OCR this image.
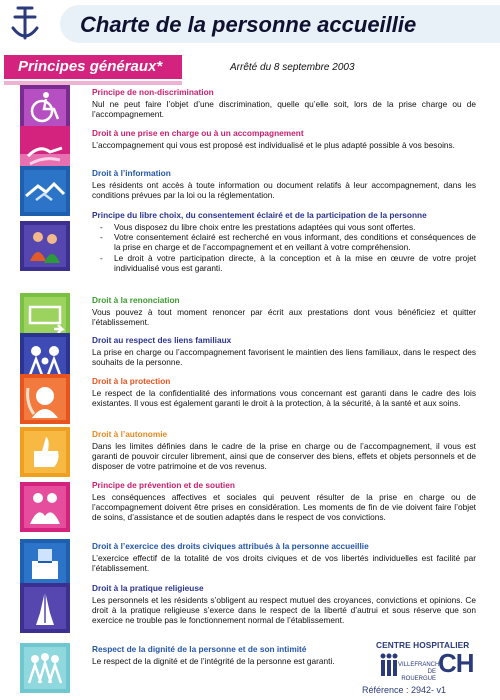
Charte de la personne accueillie
Principes généraux*	Arrêté du 8 septembre 2003
Principe de non-discrimination

Nul ne peut faire l’objet d’une discrimination, quelle qu’elle soit, lors de la prise charge ou de l’accompagnement.

Droit à une prise en charge ou à un accompagnement

L’accompagnement qui vous est proposé est individualisé et le plus adapté possible à vos besoins.

Droit à l’information

Les résidents ont accès à toute information ou document relatifs à leur accompagnement, dans les conditions prévues par la loi ou la réglementation.

Principe du libre choix, du consentement éclairé et de la participation de la personne
- Vous disposez du libre choix entre les prestations adaptées qui vous sont offertes.
- Votre consentement éclairé est recherché en vous informant, des conditions et conséquences de la prise en charge et de l’accompagnement et en veillant à votre compréhension.
- Le droit à votre participation directe, à la conception et à la mise en œuvre de votre projet individualisé vous est garanti.
Droit à la renonciation

Vous pouvez à tout moment renoncer par écrit aux prestations dont vous bénéficiez et quitter l’établissement.

Droit au respect des liens familiaux

La prise en charge ou l’accompagnement favorisent le maintien des liens familiaux, dans le respect des souhaits de la personne.

Droit à la protection

Le respect de la confidentialité des informations vous concernant est garanti dans le cadre des lois existantes. Il vous est également garanti le droit à la protection, à la sécurité, à la santé et aux soins.

Droit à l’autonomie

Dans les limites définies dans le cadre de la prise en charge ou de l’accompagnement, il vous est garanti de pouvoir circuler librement, ainsi que de conserver des biens, effets et objets personnels et de disposer de votre patrimoine et de vos revenus.

Principe de prévention et de soutien

Les conséquences affectives et sociales qui peuvent résulter de la prise en charge ou de l’accompagnement doivent être prises en considération. Les moments de fin de vie doivent faire l’objet de soins, d’assistance et de soutien adaptés dans le respect de vos convictions.

Droit à l’exercice des droits civiques attribués à la personne accueillie

L’exercice effectif de la totalité de vos droits civiques et de vos libertés individuelles est facilité par l’établissement.

Droit à la pratique religieuse

Les personnels et les résidents s’obligent au respect mutuel des croyances, convictions et opinions. Ce droit à la pratique religieuse s’exerce dans le respect de la liberté d’autrui et sous réserve que son exercice ne trouble pas le fonctionnement normal de l’établissement.

Respect de la dignité de la personne et de son intimité

Le respect de la dignité et de l’intégrité de la personne est garanti.

CENTRE HOSPITALIER
VILLEFRANCHE
DE ROUERGUE
CH
Référence : 2942- v1
